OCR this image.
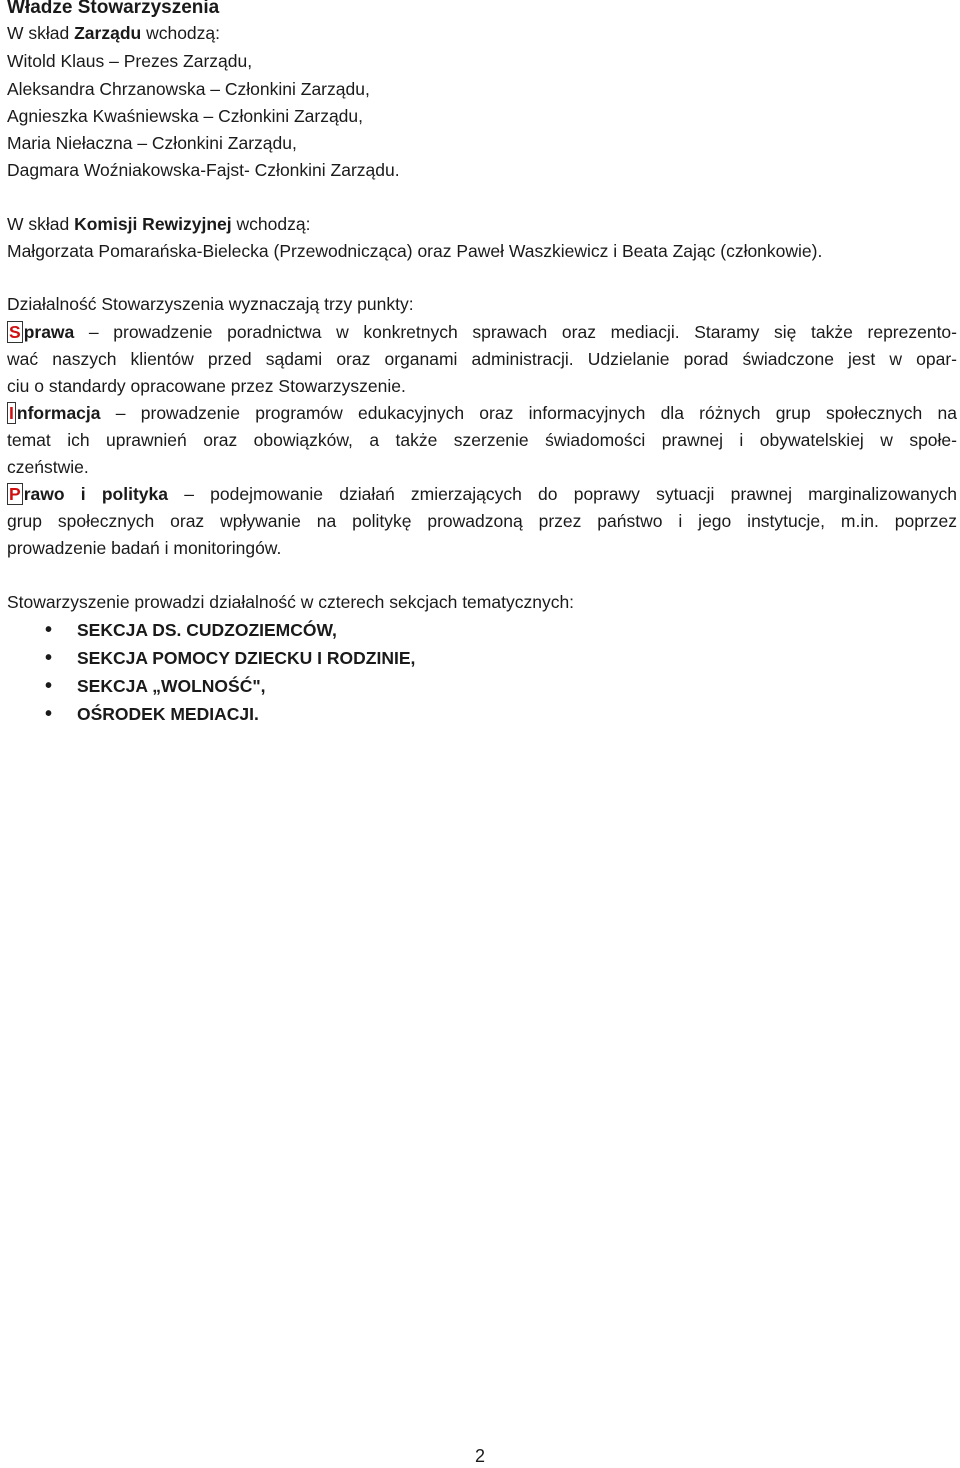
Władze Stowarzyszenia
W skład Zarządu wchodzą:
Witold Klaus – Prezes Zarządu,
Aleksandra Chrzanowska – Członkini Zarządu,
Agnieszka Kwaśniewska – Członkini Zarządu,
Maria Niełaczna – Członkini Zarządu,
Dagmara Woźniakowska-Fajst- Członkini Zarządu.
W skład Komisji Rewizyjnej wchodzą:
Małgorzata Pomarańska-Bielecka (Przewodnicząca) oraz Paweł Waszkiewicz i Beata Zając (członkowie).
Działalność Stowarzyszenia wyznaczają trzy punkty:
S prawa – prowadzenie poradnictwa w konkretnych sprawach oraz mediacji. Staramy się także reprezento-
wać naszych klientów przed sądami oraz organami administracji. Udzielanie porad świadczone jest w opar-
ciu o standardy opracowane przez Stowarzyszenie.
I nformacja – prowadzenie programów edukacyjnych oraz informacyjnych dla różnych grup społecznych na
temat ich uprawnień oraz obowiązków, a także szerzenie świadomości prawnej i obywatelskiej w społe-
czeństwie.
P rawo i polityka – podejmowanie działań zmierzających do poprawy sytuacji prawnej marginalizowanych
grup społecznych oraz wpływanie na politykę prowadzoną przez państwo i jego instytucje, m.in. poprzez
prowadzenie badań i monitoringów.
Stowarzyszenie prowadzi działalność w czterech sekcjach tematycznych:
• SEKCJA DS. CUDZOZIEMCÓW,
• SEKCJA POMOCY DZIECKU I RODZINIE,
• SEKCJA „WOLNOŚĆ",
• OŚRODEK MEDIACJI.
2
